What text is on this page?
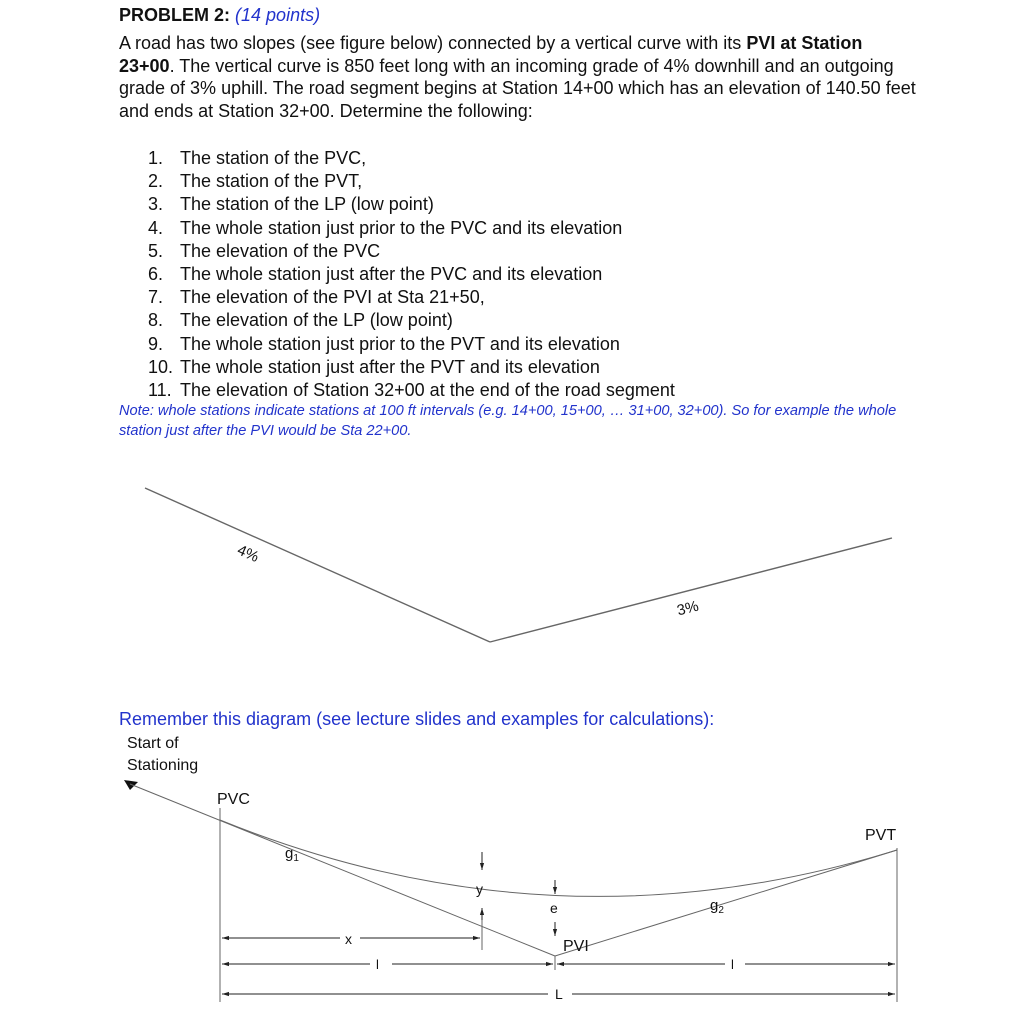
PROBLEM 2: (14 points)
A road has two slopes (see figure below) connected by a vertical curve with its PVI at Station 23+00. The vertical curve is 850 feet long with an incoming grade of 4% downhill and an outgoing grade of 3% uphill. The road segment begins at Station 14+00 which has an elevation of 140.50 feet and ends at Station 32+00. Determine the following:
1. The station of the PVC,
2. The station of the PVT,
3. The station of the LP (low point)
4. The whole station just prior to the PVC and its elevation
5. The elevation of the PVC
6. The whole station just after the PVC and its elevation
7. The elevation of the PVI at Sta 21+50,
8. The elevation of the LP (low point)
9. The whole station just prior to the PVT and its elevation
10. The whole station just after the PVT and its elevation
11. The elevation of Station 32+00 at the end of the road segment
Note: whole stations indicate stations at 100 ft intervals (e.g. 14+00, 15+00, … 31+00, 32+00). So for example the whole station just after the PVI would be Sta 22+00.
4%
3%
Remember this diagram (see lecture slides and examples for calculations):
Start of
Stationing
PVC
PVT
$g_1$
$g_2$
y
e
x	PVI
l	l
L
